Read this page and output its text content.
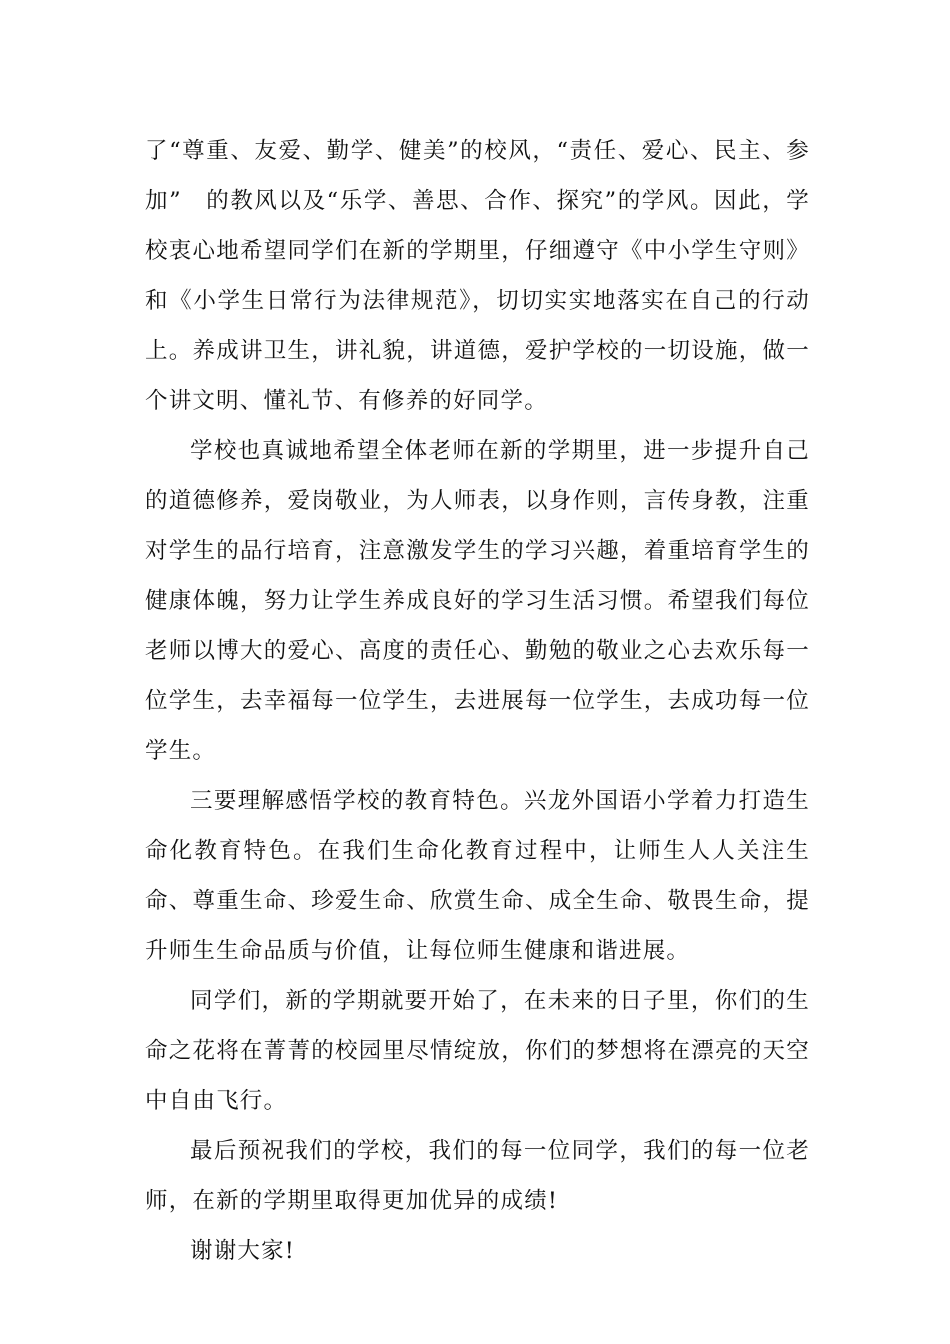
了“尊重、友爱、勤学、健美”的校风，“责任、爱心、民主、参加”　的教风以及“乐学、善思、合作、探究”的学风。因此，学校衷心地希望同学们在新的学期里，仔细遵守《中小学生守则》和《小学生日常行为法律规范》，切切实实地落实在自己的行动上。养成讲卫生，讲礼貌，讲道德，爱护学校的一切设施，做一个讲文明、懂礼节、有修养的好同学。

学校也真诚地希望全体老师在新的学期里，进一步提升自己的道德修养，爱岗敬业，为人师表，以身作则，言传身教，注重对学生的品行培育，注意激发学生的学习兴趣，着重培育学生的健康体魄，努力让学生养成良好的学习生活习惯。希望我们每位老师以博大的爱心、高度的责任心、勤勉的敬业之心去欢乐每一位学生，去幸福每一位学生，去进展每一位学生，去成功每一位学生。

三要理解感悟学校的教育特色。兴龙外国语小学着力打造生命化教育特色。在我们生命化教育过程中，让师生人人关注生命、尊重生命、珍爱生命、欣赏生命、成全生命、敬畏生命，提升师生生命品质与价值，让每位师生健康和谐进展。

同学们，新的学期就要开始了，在未来的日子里，你们的生命之花将在菁菁的校园里尽情绽放，你们的梦想将在漂亮的天空中自由飞行。

最后预祝我们的学校，我们的每一位同学，我们的每一位老师，在新的学期里取得更加优异的成绩!

谢谢大家!
